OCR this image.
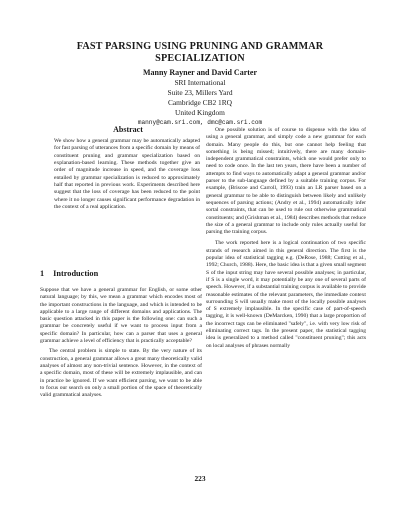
FAST PARSING USING PRUNING AND GRAMMAR
SPECIALIZATION
Manny Rayner and David Carter
SRI International
Suite 23, Millers Yard
Cambridge CB2 1RQ
United Kingdom
manny@cam.sri.com, dmc@cam.sri.com
Abstract
We show how a general grammar may be automatically adapted for fast parsing of utterances from a specific domain by means of constituent pruning and grammar specialization based on explanation-based learning. These methods together give an order of magnitude increase in speed, and the coverage loss entailed by grammar specialization is reduced to approximately half that reported in previous work. Experiments described here suggest that the loss of coverage has been reduced to the point where it no longer causes significant performance degradation in the context of a real application.
1 Introduction

Suppose that we have a general grammar for English, or some other natural language; by this, we mean a grammar which encodes most of the important constructions in the language, and which is intended to be applicable to a large range of different domains and applications. The basic question attacked in this paper is the following one: can such a grammar be concretely useful if we want to process input from a specific domain? In particular, how can a parser that uses a general grammar achieve a level of efficiency that is practically acceptable?

The central problem is simple to state. By the very nature of its construction, a general grammar allows a great many theoretically valid analyses of almost any non-trivial sentence. However, in the context of a specific domain, most of these will be extremely implausible, and can in practice be ignored. If we want efficient parsing, we want to be able to focus our search on only a small portion of the space of theoretically valid grammatical analyses.

One possible solution is of course to dispense with the idea of using a general grammar, and simply code a new grammar for each domain. Many people do this, but one cannot help feeling that something is being missed; intuitively, there are many domain-independent grammatical constraints, which one would prefer only to need to code once. In the last ten years, there have been a number of attempts to find ways to automatically adapt a general grammar and/or parser to the sub-language defined by a suitable training corpus. For example, (Briscoe and Carroll, 1993) train an LR parser based on a general grammar to be able to distinguish between likely and unlikely sequences of parsing actions; (Andry et al., 1994) automatically infer sortal constraints, that can be used to rule out otherwise grammatical constituents; and (Grishman et al., 1984) describes methods that reduce the size of a general grammar to include only rules actually useful for parsing the training corpus.

The work reported here is a logical continuation of two specific strands of research aimed in this general direction. The first is the popular idea of statistical tagging e.g. (DeRose, 1988; Cutting et al., 1992; Church, 1988). Here, the basic idea is that a given small segment S of the input string may have several possible analyses; in particular, if S is a single word, it may potentially be any one of several parts of speech. However, if a substantial training corpus is available to provide reasonable estimates of the relevant parameters, the immediate context surrounding S will usually make most of the locally possible analyses of S extremely implausible. In the specific case of part-of-speech tagging, it is well-known (DeMarcken, 1990) that a large proportion of the incorrect tags can be eliminated "safely", i.e. with very low risk of eliminating correct tags. In the present paper, the statistical tagging idea is generalized to a method called "constituent pruning"; this acts on local analyses of phrases normally

223
